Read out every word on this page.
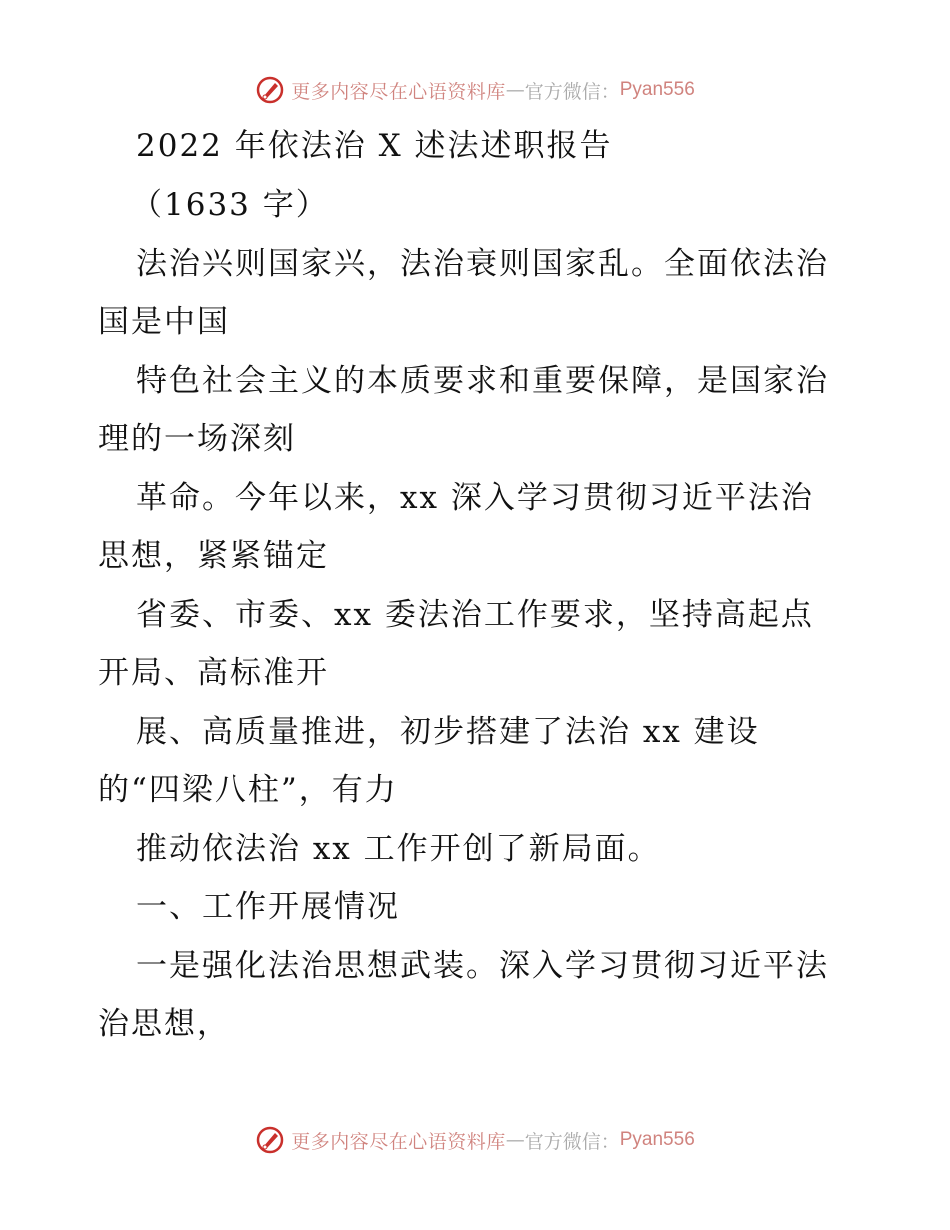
更多内容尽在心语资料库 — 官方微信： Pyan556
2022 年依法治 X 述法述职报告
（1633 字）
法治兴则国家兴，法治衰则国家乱。全面依法治
国是中国
特色社会主义的本质要求和重要保障，是国家治
理的一场深刻
革命。今年以来，xx 深入学习贯彻习近平法治
思想，紧紧锚定
省委、市委、xx 委法治工作要求，坚持高起点
开局、高标准开
展、高质量推进，初步搭建了法治 xx 建设
的“四梁八柱”，有力
推动依法治 xx 工作开创了新局面。
一、工作开展情况
一是强化法治思想武装。深入学习贯彻习近平法
治思想，
更多内容尽在心语资料库 — 官方微信： Pyan556
